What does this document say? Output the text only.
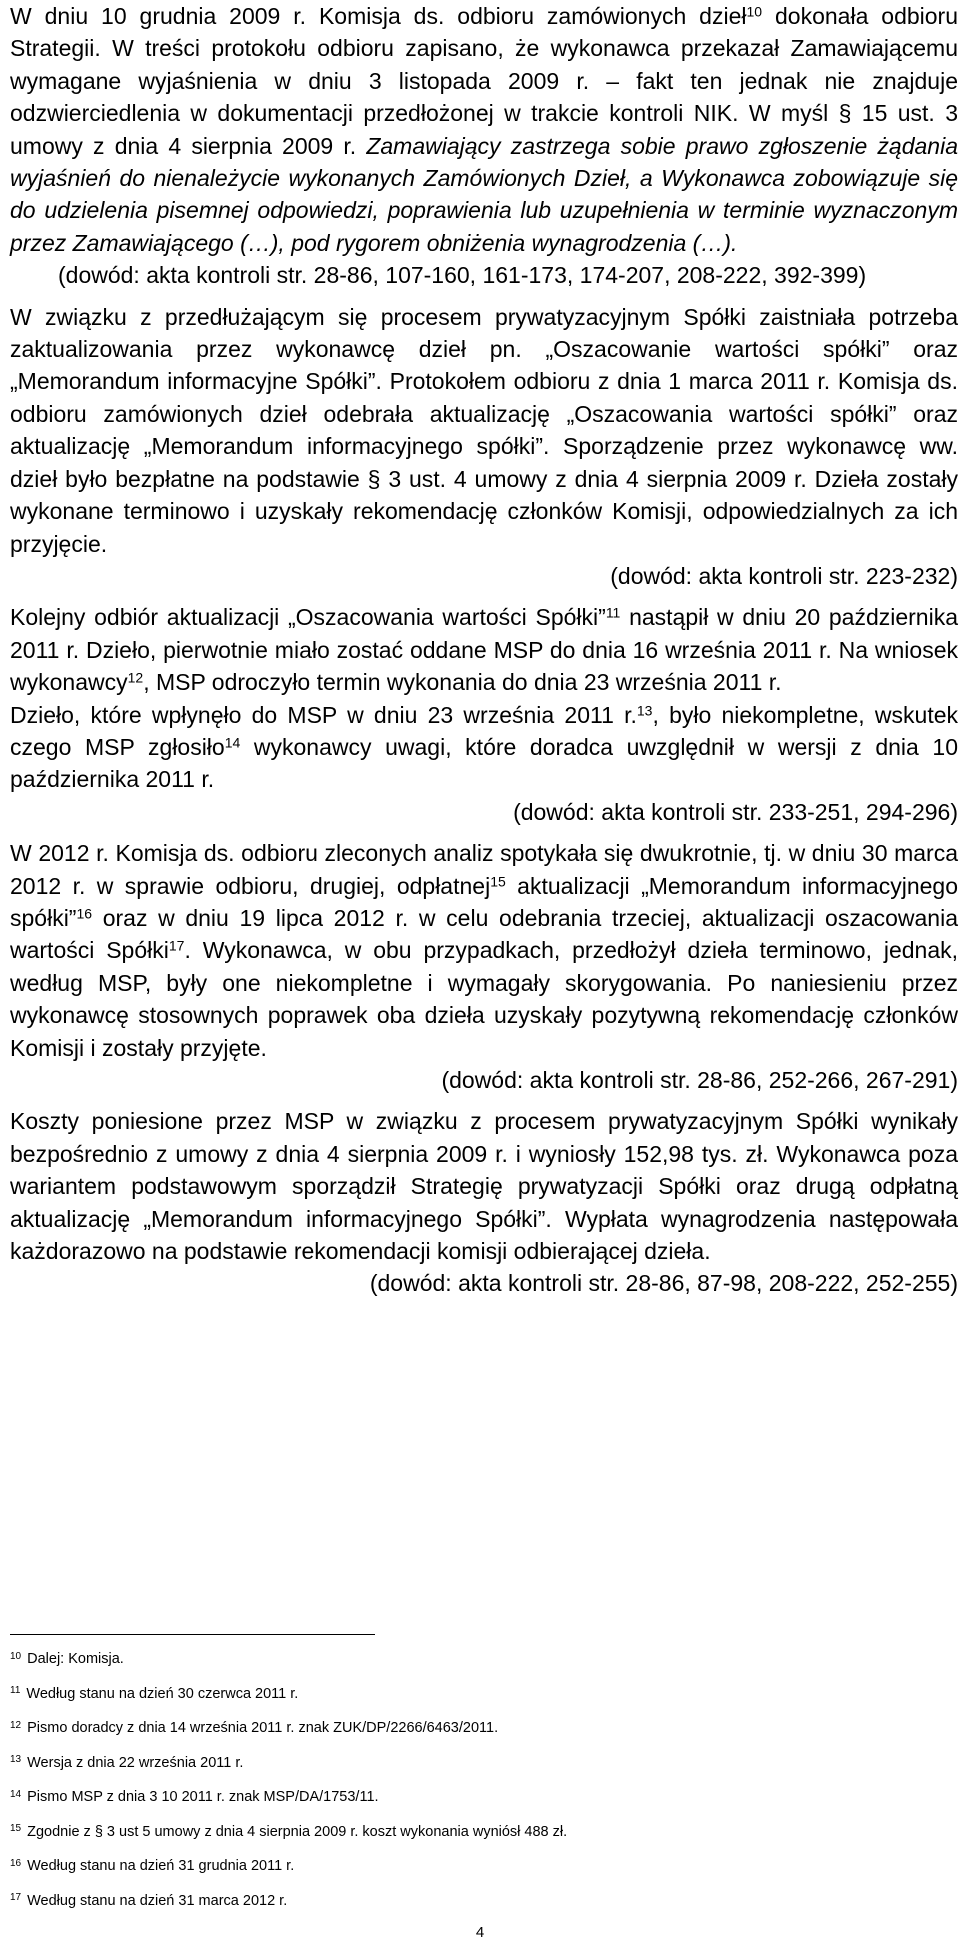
W dniu 10 grudnia 2009 r. Komisja ds. odbioru zamówionych dzieł$^{10}$ dokonała odbioru Strategii. W treści protokołu odbioru zapisano, że wykonawca przekazał Zamawiającemu wymagane wyjaśnienia w dniu 3 listopada 2009 r. – fakt ten jednak nie znajduje odzwierciedlenia w dokumentacji przedłożonej w trakcie kontroli NIK. W myśl § 15 ust. 3 umowy z dnia 4 sierpnia 2009 r. Zamawiający zastrzega sobie prawo zgłoszenie żądania wyjaśnień do nienależycie wykonanych Zamówionych Dzieł, a Wykonawca zobowiązuje się do udzielenia pisemnej odpowiedzi, poprawienia lub uzupełnienia w terminie wyznaczonym przez Zamawiającego (…), pod rygorem obniżenia wynagrodzenia (…).

(dowód: akta kontroli str. 28-86, 107-160, 161-173, 174-207, 208-222, 392-399)

W związku z przedłużającym się procesem prywatyzacyjnym Spółki zaistniała potrzeba zaktualizowania przez wykonawcę dzieł pn. „Oszacowanie wartości spółki” oraz „Memorandum informacyjne Spółki”. Protokołem odbioru z dnia 1 marca 2011 r. Komisja ds. odbioru zamówionych dzieł odebrała aktualizację „Oszacowania wartości spółki” oraz aktualizację „Memorandum informacyjnego spółki”. Sporządzenie przez wykonawcę ww. dzieł było bezpłatne na podstawie § 3 ust. 4 umowy z dnia 4 sierpnia 2009 r. Dzieła zostały wykonane terminowo i uzyskały rekomendację członków Komisji, odpowiedzialnych za ich przyjęcie.

(dowód: akta kontroli str. 223-232)

Kolejny odbiór aktualizacji „Oszacowania wartości Spółki”$^{11}$ nastąpił w dniu 20 października 2011 r. Dzieło, pierwotnie miało zostać oddane MSP do dnia 16 września 2011 r. Na wniosek wykonawcy$^{12}$, MSP odroczyło termin wykonania do dnia 23 września 2011 r.

Dzieło, które wpłynęło do MSP w dniu 23 września 2011 r.$^{13}$, było niekompletne, wskutek czego MSP zgłosiło$^{14}$ wykonawcy uwagi, które doradca uwzględnił w wersji z dnia 10 października 2011 r.

(dowód: akta kontroli str. 233-251, 294-296)

W 2012 r. Komisja ds. odbioru zleconych analiz spotykała się dwukrotnie, tj. w dniu 30 marca 2012 r. w sprawie odbioru, drugiej, odpłatnej$^{15}$ aktualizacji „Memorandum informacyjnego spółki”$^{16}$ oraz w dniu 19 lipca 2012 r. w celu odebrania trzeciej, aktualizacji oszacowania wartości Spółki$^{17}$. Wykonawca, w obu przypadkach, przedłożył dzieła terminowo, jednak, według MSP, były one niekompletne i wymagały skorygowania. Po naniesieniu przez wykonawcę stosownych poprawek oba dzieła uzyskały pozytywną rekomendację członków Komisji i zostały przyjęte.

(dowód: akta kontroli str. 28-86, 252-266, 267-291)

Koszty poniesione przez MSP w związku z procesem prywatyzacyjnym Spółki wynikały bezpośrednio z umowy z dnia 4 sierpnia 2009 r. i wyniosły 152,98 tys. zł. Wykonawca poza wariantem podstawowym sporządził Strategię prywatyzacji Spółki oraz drugą odpłatną aktualizację „Memorandum informacyjnego Spółki”. Wypłata wynagrodzenia następowała każdorazowo na podstawie rekomendacji komisji odbierającej dzieła.

(dowód: akta kontroli str. 28-86, 87-98, 208-222, 252-255)

$^{10}$ Dalej: Komisja.

$^{11}$ Według stanu na dzień 30 czerwca 2011 r.

$^{12}$ Pismo doradcy z dnia 14 września 2011 r. znak ZUK/DP/2266/6463/2011.

$^{13}$ Wersja z dnia 22 września 2011 r.

$^{14}$ Pismo MSP z dnia 3 10 2011 r. znak MSP/DA/1753/11.

$^{15}$ Zgodnie z § 3 ust 5 umowy z dnia 4 sierpnia 2009 r. koszt wykonania wyniósł 488 zł.

$^{16}$ Według stanu na dzień 31 grudnia 2011 r.

$^{17}$ Według stanu na dzień 31 marca 2012 r.

4
